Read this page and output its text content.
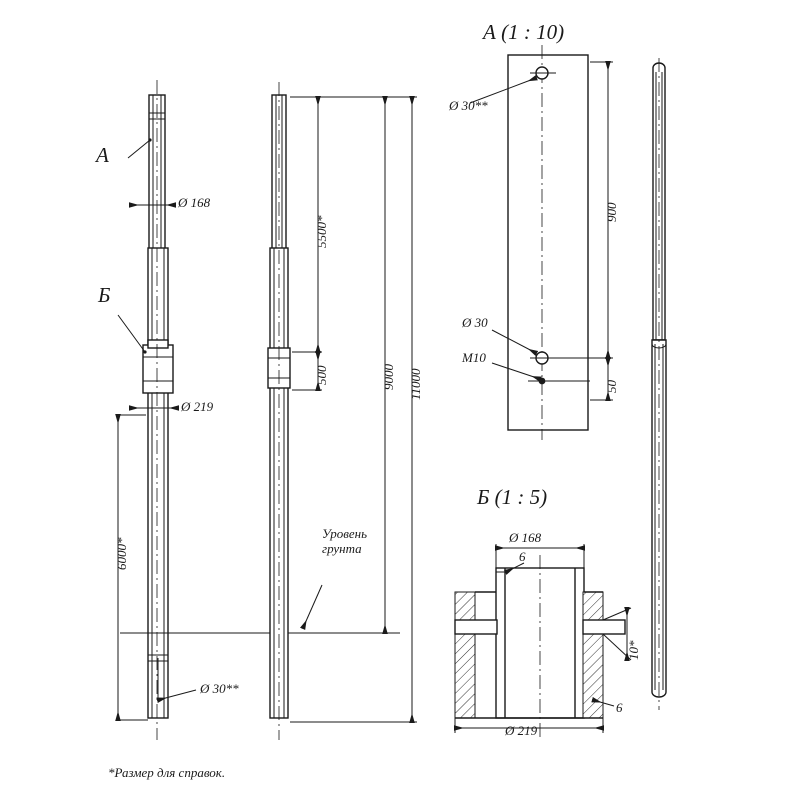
А
Б
Ø 168
Ø 219
6000*
Ø 30**
5500*
500	9000 11000
Уровень
грунта
А (1 : 10)
Ø 30**
Ø 30
M10
900
50
Б (1 : 5)
Ø 168
6
6
10*
Ø 219
*Размер для справок.
